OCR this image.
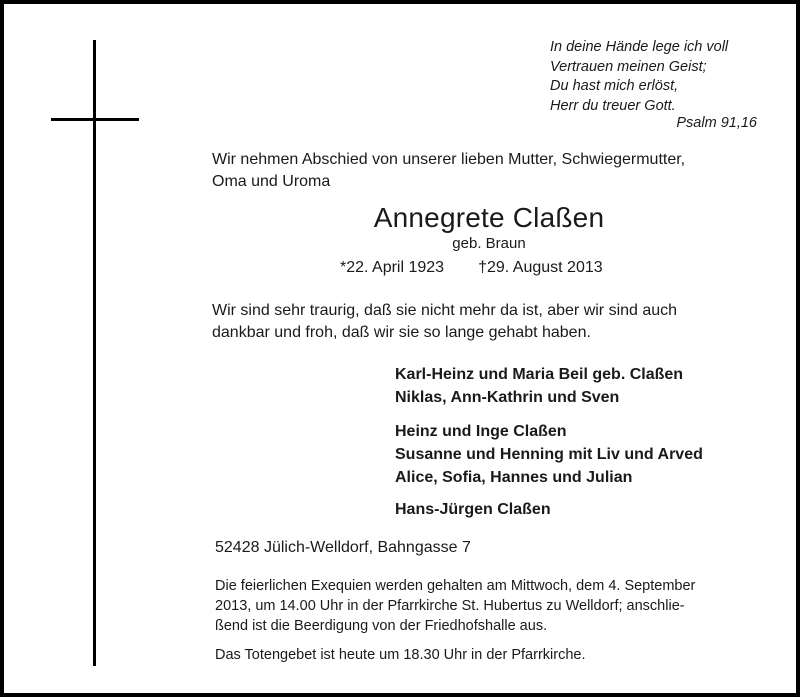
In deine Hände lege ich voll
Vertrauen meinen Geist;
Du hast mich erlöst,
Herr du treuer Gott.
Psalm 91,16
Wir nehmen Abschied von unserer lieben Mutter, Schwiegermutter,
Oma und Uroma
Annegrete Claßen
geb. Braun
*22. April 1923 †29. August 2013
Wir sind sehr traurig, daß sie nicht mehr da ist, aber wir sind auch
dankbar und froh, daß wir sie so lange gehabt haben.
Karl-Heinz und Maria Beil geb. Claßen
Niklas, Ann-Kathrin und Sven
Heinz und Inge Claßen
Susanne und Henning mit Liv und Arved
Alice, Sofia, Hannes und Julian
Hans-Jürgen Claßen
52428 Jülich-Welldorf, Bahngasse 7
Die feierlichen Exequien werden gehalten am Mittwoch, dem 4. September
2013, um 14.00 Uhr in der Pfarrkirche St. Hubertus zu Welldorf; anschlie-
ßend ist die Beerdigung von der Friedhofshalle aus.
Das Totengebet ist heute um 18.30 Uhr in der Pfarrkirche.
